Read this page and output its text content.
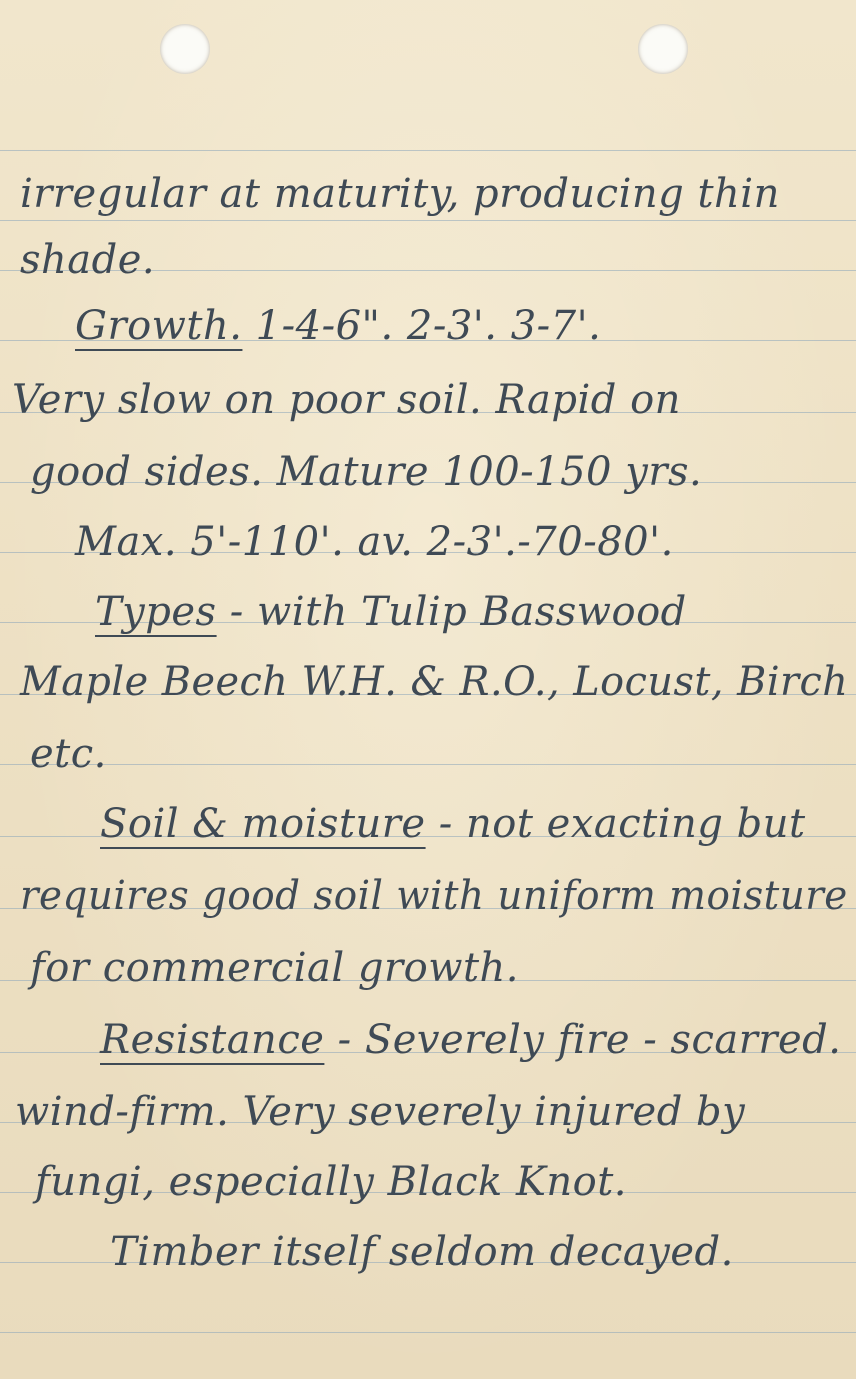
irregular at maturity, producing thin
shade.
Growth. 1-4-6". 2-3'. 3-7'.
Very slow on poor soil. Rapid on
good sides. Mature 100-150 yrs.
Max. 5'-110'. av. 2-3'.-70-80'.
Types - with Tulip Basswood
Maple Beech W.H. & R.O., Locust, Birch
etc.
Soil & moisture - not exacting but
requires good soil with uniform moisture
for commercial growth.
Resistance - Severely fire - scarred.
wind-firm. Very severely injured by
fungi, especially Black Knot.
Timber itself seldom decayed.
